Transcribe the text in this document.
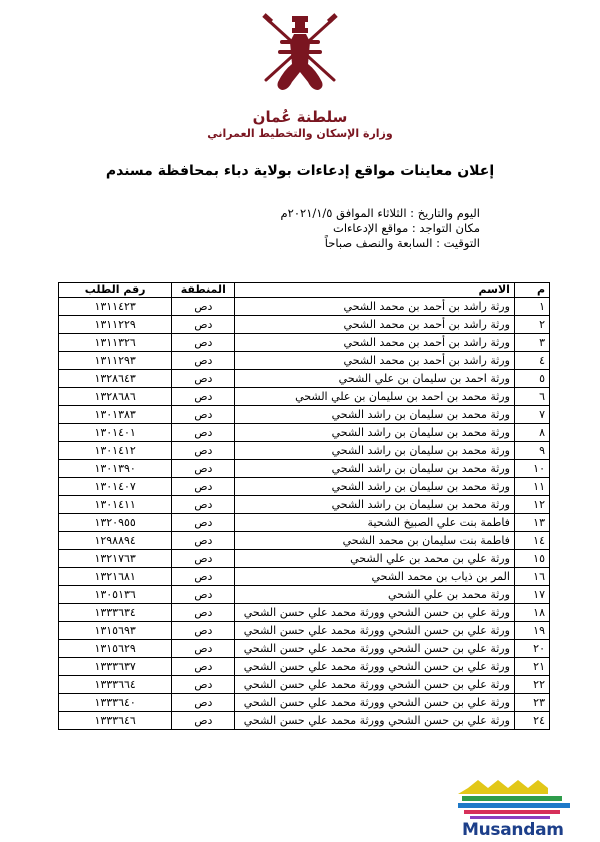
سلطنة عُمان
وزارة الإسكان والتخطيط العمراني
إعلان معاينات مواقع إدعاءات بولاية دباء بمحافظة مسندم
اليوم والتاريخ : الثلاثاء الموافق ٢٠٢١/١/٥م
مكان التواجد : مواقع الإدعاءات
التوقيت : السابعة والنصف صباحاً
م	الاسم	المنطقة	رقم الطلب
١	ورثة راشد بن أحمد بن محمد الشحي	دص	١٣١١٤٢٣
٢	ورثة راشد بن أحمد بن محمد الشحي	دص	١٣١١٢٢٩
٣	ورثة راشد بن أحمد بن محمد الشحي	دص	١٣١١٣٢٦
٤	ورثة راشد بن أحمد بن محمد الشحي	دص	١٣١١٢٩٣
٥	ورثة احمد بن سليمان بن علي الشحي	دص	١٣٢٨٦٤٣
٦	ورثة محمد بن احمد بن سليمان بن علي الشحي	دص	١٣٢٨٦٨٦
٧	ورثة محمد بن سليمان بن راشد الشحي	دص	١٣٠١٣٨٣
٨	ورثة محمد بن سليمان بن راشد الشحي	دص	١٣٠١٤٠١
٩	ورثة محمد بن سليمان بن راشد الشحي	دص	١٣٠١٤١٢
١٠	ورثة محمد بن سليمان بن راشد الشحي	دص	١٣٠١٣٩٠
١١	ورثة محمد بن سليمان بن راشد الشحي	دص	١٣٠١٤٠٧
١٢	ورثة محمد بن سليمان بن راشد الشحي	دص	١٣٠١٤١١
١٣	فاطمة بنت علي الصبيخ الشحية	دص	١٣٢٠٩٥٥
١٤	فاطمة بنت سليمان بن محمد الشحي	دص	١٢٩٨٨٩٤
١٥	ورثة علي بن محمد بن علي الشحي	دص	١٣٢١٧٦٣
١٦	المر بن ذياب بن محمد الشحي	دص	١٣٢١٦٨١
١٧	ورثة محمد بن علي الشحي	دص	١٣٠٥١٣٦
١٨	ورثة علي بن حسن الشحي وورثة محمد علي حسن الشحي	دص	١٣٣٣٦٣٤
١٩	ورثة علي بن حسن الشحي وورثة محمد علي حسن الشحي	دص	١٣١٥٦٩٣
٢٠	ورثة علي بن حسن الشحي وورثة محمد علي حسن الشحي	دص	١٣١٥٦٢٩
٢١	ورثة علي بن حسن الشحي وورثة محمد علي حسن الشحي	دص	١٣٣٣٦٣٧
٢٢	ورثة علي بن حسن الشحي وورثة محمد علي حسن الشحي	دص	١٣٣٣٦٦٤
٢٣	ورثة علي بن حسن الشحي وورثة محمد علي حسن الشحي	دص	١٣٣٣٦٤٠
٢٤	ورثة علي بن حسن الشحي وورثة محمد علي حسن الشحي	دص	١٣٣٣٦٤٦
Musandam
